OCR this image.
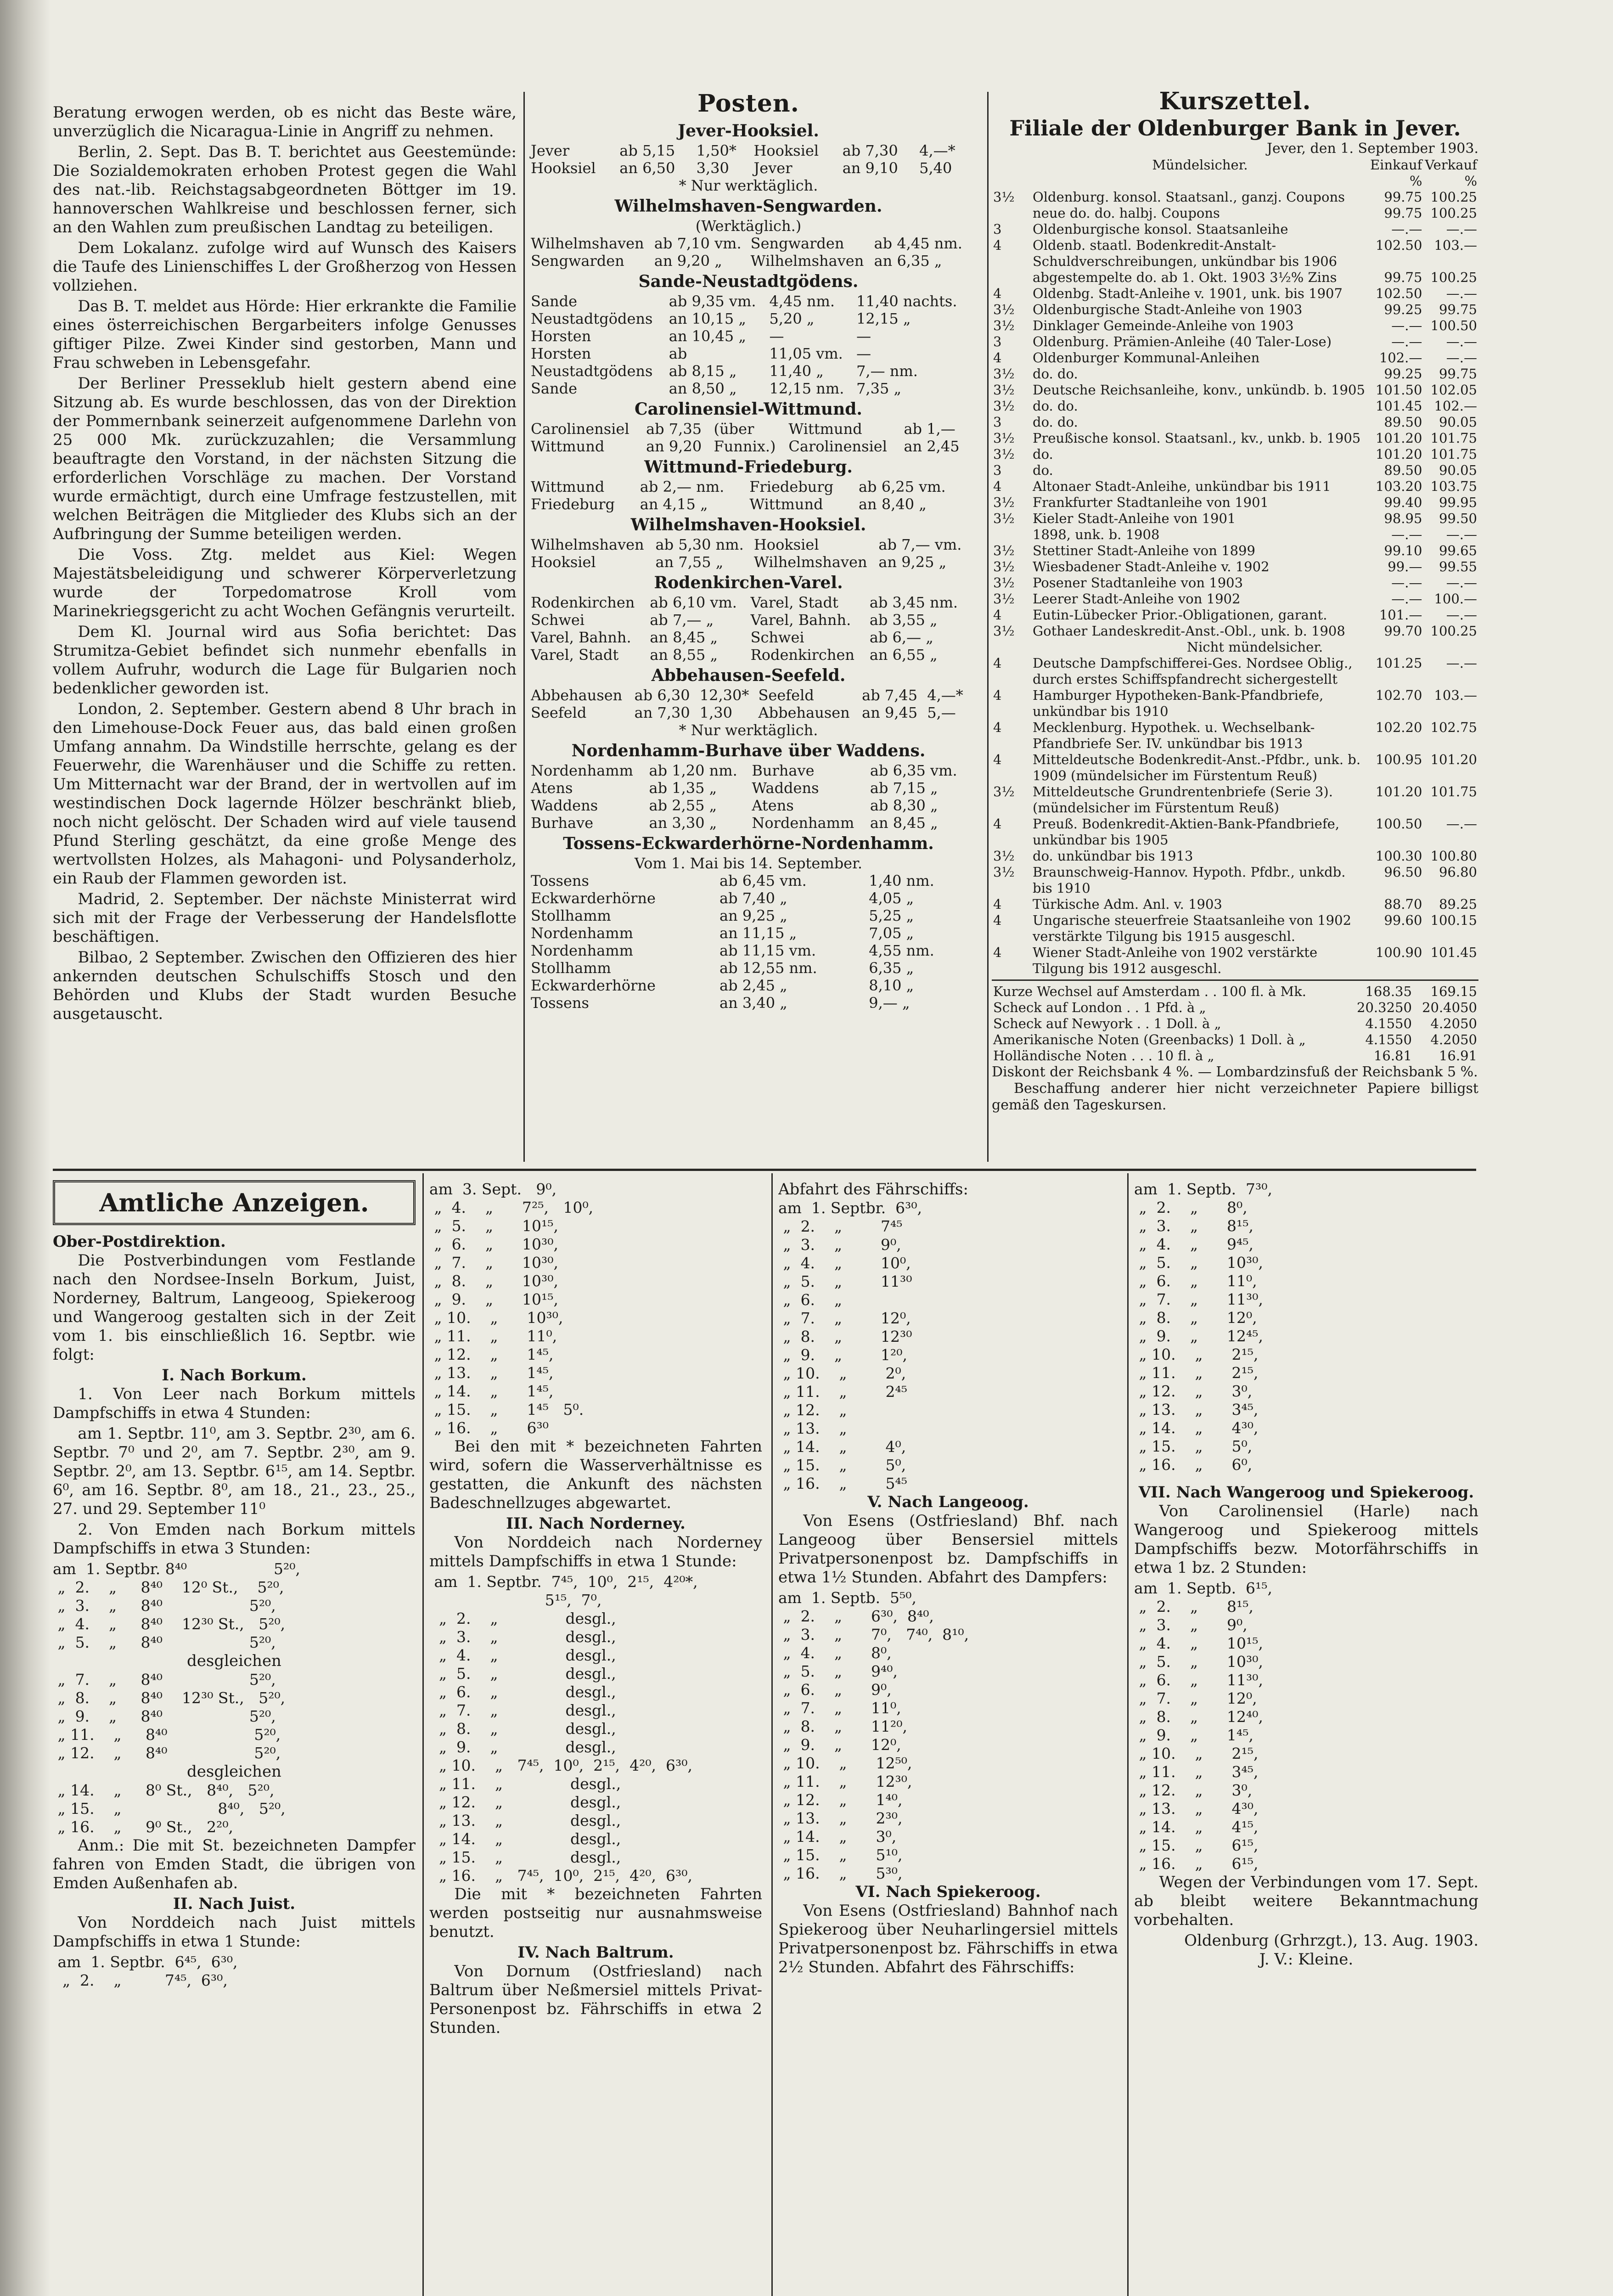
Beratung erwogen werden, ob es nicht das Beste wäre, unverzüglich die Nicaragua-Linie in Angriff zu nehmen.

Berlin, 2. Sept. Das B. T. berichtet aus Geestemünde: Die Sozialdemokraten erhoben Protest gegen die Wahl des nat.-lib. Reichstagsabgeordneten Böttger im 19. hannoverschen Wahlkreise und beschlossen ferner, sich an den Wahlen zum preußischen Landtag zu beteiligen.

Dem Lokalanz. zufolge wird auf Wunsch des Kaisers die Taufe des Linienschiffes L der Großherzog von Hessen vollziehen.

Das B. T. meldet aus Hörde: Hier erkrankte die Familie eines österreichischen Bergarbeiters infolge Genusses giftiger Pilze. Zwei Kinder sind gestorben, Mann und Frau schweben in Lebensgefahr.

Der Berliner Presseklub hielt gestern abend eine Sitzung ab. Es wurde beschlossen, das von der Direktion der Pommernbank seinerzeit aufgenommene Darlehn von 25 000 Mk. zurückzuzahlen; die Versammlung beauftragte den Vorstand, in der nächsten Sitzung die erforderlichen Vorschläge zu machen. Der Vorstand wurde ermächtigt, durch eine Umfrage festzustellen, mit welchen Beiträgen die Mitglieder des Klubs sich an der Aufbringung der Summe beteiligen werden.

Die Voss. Ztg. meldet aus Kiel: Wegen Majestätsbeleidigung und schwerer Körperverletzung wurde der Torpedomatrose Kroll vom Marinekriegsgericht zu acht Wochen Gefängnis verurteilt.

Dem Kl. Journal wird aus Sofia berichtet: Das Strumitza-Gebiet befindet sich nunmehr ebenfalls in vollem Aufruhr, wodurch die Lage für Bulgarien noch bedenklicher geworden ist.

London, 2. September. Gestern abend 8 Uhr brach in den Limehouse-Dock Feuer aus, das bald einen großen Umfang annahm. Da Windstille herrschte, gelang es der Feuerwehr, die Warenhäuser und die Schiffe zu retten. Um Mitternacht war der Brand, der in wertvollen auf im westindischen Dock lagernde Hölzer beschränkt blieb, noch nicht gelöscht. Der Schaden wird auf viele tausend Pfund Sterling geschätzt, da eine große Menge des wertvollsten Holzes, als Mahagoni- und Polysanderholz, ein Raub der Flammen geworden ist.

Madrid, 2. September. Der nächste Ministerrat wird sich mit der Frage der Verbesserung der Handelsflotte beschäftigen.

Bilbao, 2 September. Zwischen den Offizieren des hier ankernden deutschen Schulschiffs Stosch und den Behörden und Klubs der Stadt wurden Besuche ausgetauscht.

Posten.
Jever-Hooksiel.
Jever	ab 5,15	1,50*	Hooksiel	ab 7,30	4,—*
Hooksiel	an 6,50	3,30	Jever	an 9,10	5,40
* Nur werktäglich.
Wilhelmshaven-Sengwarden.
(Werktäglich.)
Wilhelmshaven	ab 7,10 vm.	Sengwarden	ab 4,45 nm.
Sengwarden	an 9,20 „	Wilhelmshaven	an 6,35 „
Sande-Neustadtgödens.
Sande	ab 9,35 vm.	4,45 nm.	11,40 nachts.
Neustadtgödens	an 10,15 „	5,20 „	12,15 „
Horsten	an 10,45 „	—	—
Horsten	ab	11,05 vm.	—
Neustadtgödens	ab 8,15 „	11,40 „	7,— nm.
Sande	an 8,50 „	12,15 nm.	7,35 „
Carolinensiel-Wittmund.
Carolinensiel	ab 7,35	(über	Wittmund	ab 1,—
Wittmund	an 9,20	Funnix.)	Carolinensiel	an 2,45
Wittmund-Friedeburg.
Wittmund	ab 2,— nm.	Friedeburg	ab 6,25 vm.
Friedeburg	an 4,15 „	Wittmund	an 8,40 „
Wilhelmshaven-Hooksiel.
Wilhelmshaven	ab 5,30 nm.	Hooksiel	ab 7,— vm.
Hooksiel	an 7,55 „	Wilhelmshaven	an 9,25 „
Rodenkirchen-Varel.
Rodenkirchen	ab 6,10 vm.	Varel, Stadt	ab 3,45 nm.
Schwei	ab 7,— „	Varel, Bahnh.	ab 3,55 „
Varel, Bahnh.	an 8,45 „	Schwei	ab 6,— „
Varel, Stadt	an 8,55 „	Rodenkirchen	an 6,55 „
Abbehausen-Seefeld.
Abbehausen	ab 6,30	12,30*	Seefeld	ab 7,45	4,—*
Seefeld	an 7,30	1,30	Abbehausen	an 9,45	5,—
* Nur werktäglich.
Nordenhamm-Burhave über Waddens.
Nordenhamm	ab 1,20 nm.	Burhave	ab 6,35 vm.
Atens	ab 1,35 „	Waddens	ab 7,15 „
Waddens	ab 2,55 „	Atens	ab 8,30 „
Burhave	an 3,30 „	Nordenhamm	an 8,45 „
Tossens-Eckwarderhörne-Nordenhamm.
Vom 1. Mai bis 14. September.
Tossens	ab 6,45 vm.	1,40 nm.
Eckwarderhörne	ab 7,40 „	4,05 „
Stollhamm	an 9,25 „	5,25 „
Nordenhamm	an 11,15 „	7,05 „
Nordenhamm	ab 11,15 vm.	4,55 nm.
Stollhamm	ab 12,55 nm.	6,35 „
Eckwarderhörne	ab 2,45 „	8,10 „
Tossens	an 3,40 „	9,— „
Kurszettel.
Filiale der Oldenburger Bank in Jever.
Jever, den 1. September 1903.
	Mündelsicher.	Einkauf	Verkauf
		%	%
3½	Oldenburg. konsol. Staatsanl., ganzj. Coupons	99.75	100.25
	neue do. do. halbj. Coupons	99.75	100.25
3	Oldenburgische konsol. Staatsanleihe	—.—	—.—
4	Oldenb. staatl. Bodenkredit-Anstalt-Schuldverschreibungen, unkündbar bis 1906	102.50	103.—
	abgestempelte do. ab 1. Okt. 1903 3½% Zins	99.75	100.25
4	Oldenbg. Stadt-Anleihe v. 1901, unk. bis 1907	102.50	—.—
3½	Oldenburgische Stadt-Anleihe von 1903	99.25	99.75
3½	Dinklager Gemeinde-Anleihe von 1903	—.—	100.50
3	Oldenburg. Prämien-Anleihe (40 Taler-Lose)	—.—	—.—
4	Oldenburger Kommunal-Anleihen	102.—	—.—
3½	do. do.	99.25	99.75
3½	Deutsche Reichsanleihe, konv., unkündb. b. 1905	101.50	102.05
3½	do. do.	101.45	102.—
3	do. do.	89.50	90.05
3½	Preußische konsol. Staatsanl., kv., unkb. b. 1905	101.20	101.75
3½	do.	101.20	101.75
3	do.	89.50	90.05
4	Altonaer Stadt-Anleihe, unkündbar bis 1911	103.20	103.75
3½	Frankfurter Stadtanleihe von 1901	99.40	99.95
3½	Kieler Stadt-Anleihe von 1901	98.95	99.50
	1898, unk. b. 1908	—.—	—.—
3½	Stettiner Stadt-Anleihe von 1899	99.10	99.65
3½	Wiesbadener Stadt-Anleihe v. 1902	99.—	99.55
3½	Posener Stadtanleihe von 1903	—.—	—.—
3½	Leerer Stadt-Anleihe von 1902	—.—	100.—
4	Eutin-Lübecker Prior.-Obligationen, garant.	101.—	—.—
3½	Gothaer Landeskredit-Anst.-Obl., unk. b. 1908	99.70	100.25
	Nicht mündelsicher.		
4	Deutsche Dampfschifferei-Ges. Nordsee Oblig., durch erstes Schiffspfandrecht sichergestellt	101.25	—.—
4	Hamburger Hypotheken-Bank-Pfandbriefe, unkündbar bis 1910	102.70	103.—
4	Mecklenburg. Hypothek. u. Wechselbank-Pfandbriefe Ser. IV. unkündbar bis 1913	102.20	102.75
4	Mitteldeutsche Bodenkredit-Anst.-Pfdbr., unk. b. 1909 (mündelsicher im Fürstentum Reuß)	100.95	101.20
3½	Mitteldeutsche Grundrentenbriefe (Serie 3). (mündelsicher im Fürstentum Reuß)	101.20	101.75
4	Preuß. Bodenkredit-Aktien-Bank-Pfandbriefe, unkündbar bis 1905	100.50	—.—
3½	do. unkündbar bis 1913	100.30	100.80
3½	Braunschweig-Hannov. Hypoth. Pfdbr., unkdb. bis 1910	96.50	96.80
4	Türkische Adm. Anl. v. 1903	88.70	89.25
4	Ungarische steuerfreie Staatsanleihe von 1902 verstärkte Tilgung bis 1915 ausgeschl.	99.60	100.15
4	Wiener Stadt-Anleihe von 1902 verstärkte Tilgung bis 1912 ausgeschl.	100.90	101.45
Kurze Wechsel auf Amsterdam . . 100 fl. à Mk.	168.35	169.15
Scheck auf London . . 1 Pfd. à „	20.3250	20.4050
Scheck auf Newyork . . 1 Doll. à „	4.1550	4.2050
Amerikanische Noten (Greenbacks) 1 Doll. à „	4.1550	4.2050
Holländische Noten . . . 10 fl. à „	16.81	16.91
Diskont der Reichsbank 4 %. — Lombardzinsfuß der Reichsbank 5 %.
Beschaffung anderer hier nicht verzeichneter Papiere billigst gemäß den Tageskursen.
Amtliche Anzeigen.
Ober-Postdirektion.

Die Postverbindungen vom Festlande nach den Nordsee-Inseln Borkum, Juist, Norderney, Baltrum, Langeoog, Spiekeroog und Wangeroog gestalten sich in der Zeit vom 1. bis einschließlich 16. Septbr. wie folgt:

I. Nach Borkum.

1. Von Leer nach Borkum mittels Dampfschiffs in etwa 4 Stunden:

am 1. Septbr. 11⁰, am 3. Septbr. 2³⁰, am 6. Septbr. 7⁰ und 2⁰, am 7. Septbr. 2³⁰, am 9. Septbr. 2⁰, am 13. Septbr. 6¹⁵, am 14. Septbr. 6⁰, am 16. Septbr. 8⁰, am 18., 21., 23., 25., 27. und 29. September 11⁰

2. Von Emden nach Borkum mittels Dampfschiffs in etwa 3 Stunden:

am  1. Septbr. 8⁴⁰                  5²⁰,
„  2.    „     8⁴⁰    12⁰ St.,    5²⁰,
„  3.    „     8⁴⁰                  5²⁰,
„  4.    „     8⁴⁰    12³⁰ St.,   5²⁰,
„  5.    „     8⁴⁰                  5²⁰,
desgleichen
„  7.    „     8⁴⁰                  5²⁰,
„  8.    „     8⁴⁰    12³⁰ St.,   5²⁰,
„  9.    „     8⁴⁰                  5²⁰,
„ 11.    „     8⁴⁰                  5²⁰,
„ 12.    „     8⁴⁰                  5²⁰,
desgleichen
„ 14.    „     8⁰ St.,   8⁴⁰,   5²⁰,
„ 15.    „                    8⁴⁰,   5²⁰,
„ 16.    „     9⁰ St.,   2²⁰,

Anm.: Die mit St. bezeichneten Dampfer fahren von Emden Stadt, die übrigen von Emden Außenhafen ab.

II. Nach Juist.

Von Norddeich nach Juist mittels Dampfschiffs in etwa 1 Stunde:

am  1. Septbr.  6⁴⁵,  6³⁰,
„  2.    „         7⁴⁵,  6³⁰,
am  3. Sept.   9⁰,
„  4.    „      7²⁵,   10⁰,
„  5.    „      10¹⁵,
„  6.    „      10³⁰,
„  7.    „      10³⁰,
„  8.    „      10³⁰,
„  9.    „      10¹⁵,
„ 10.    „      10³⁰,
„ 11.    „      11⁰,
„ 12.    „      1⁴⁵,
„ 13.    „      1⁴⁵,
„ 14.    „      1⁴⁵,
„ 15.    „      1⁴⁵   5⁰.
„ 16.    „      6³⁰

Bei den mit * bezeichneten Fahrten wird, sofern die Wasserverhältnisse es gestatten, die Ankunft des nächsten Badeschnellzuges abgewartet.

III. Nach Norderney.

Von Norddeich nach Norderney mittels Dampfschiffs in etwa 1 Stunde:

am  1. Septbr.  7⁴⁵,  10⁰,  2¹⁵,  4²⁰*,
5¹⁵,  7⁰,
„  2.    „              desgl.,
„  3.    „              desgl.,
„  4.    „              desgl.,
„  5.    „              desgl.,
„  6.    „              desgl.,
„  7.    „              desgl.,
„  8.    „              desgl.,
„  9.    „              desgl.,
„ 10.    „   7⁴⁵,  10⁰,  2¹⁵,  4²⁰,  6³⁰,
„ 11.    „              desgl.,
„ 12.    „              desgl.,
„ 13.    „              desgl.,
„ 14.    „              desgl.,
„ 15.    „              desgl.,
„ 16.    „   7⁴⁵,  10⁰,  2¹⁵,  4²⁰,  6³⁰,

Die mit * bezeichneten Fahrten werden postseitig nur ausnahmsweise benutzt.

IV. Nach Baltrum.

Von Dornum (Ostfriesland) nach Baltrum über Neßmersiel mittels Privat-Personenpost bz. Fährschiffs in etwa 2 Stunden.

Abfahrt des Fährschiffs:
am  1. Septbr.  6³⁰,
„  2.    „        7⁴⁵
„  3.    „        9⁰,
„  4.    „        10⁰,
„  5.    „        11³⁰
„  6.    „
„  7.    „        12⁰,
„  8.    „        12³⁰
„  9.    „        1²⁰,
„ 10.    „        2⁰,
„ 11.    „        2⁴⁵
„ 12.    „
„ 13.    „
„ 14.    „        4⁰,
„ 15.    „        5⁰,
„ 16.    „        5⁴⁵
V. Nach Langeoog.

Von Esens (Ostfriesland) Bhf. nach Langeoog über Bensersiel mittels Privatpersonenpost bz. Dampfschiffs in etwa 1½ Stunden. Abfahrt des Dampfers:

am  1. Septb.  5⁵⁰,
„  2.    „      6³⁰,  8⁴⁰,
„  3.    „      7⁰,   7⁴⁰,  8¹⁰,
„  4.    „      8⁰,
„  5.    „      9⁴⁰,
„  6.    „      9⁰,
„  7.    „      11⁰,
„  8.    „      11²⁰,
„  9.    „      12⁰,
„ 10.    „      12⁵⁰,
„ 11.    „      12³⁰,
„ 12.    „      1⁴⁰,
„ 13.    „      2³⁰,
„ 14.    „      3⁰,
„ 15.    „      5¹⁰,
„ 16.    „      5³⁰,
VI. Nach Spiekeroog.

Von Esens (Ostfriesland) Bahnhof nach Spiekeroog über Neuharlingersiel mittels Privatpersonenpost bz. Fährschiffs in etwa 2½ Stunden. Abfahrt des Fährschiffs:

am  1. Septb.  7³⁰,
„  2.    „      8⁰,
„  3.    „      8¹⁵,
„  4.    „      9⁴⁵,
„  5.    „      10³⁰,
„  6.    „      11⁰,
„  7.    „      11³⁰,
„  8.    „      12⁰,
„  9.    „      12⁴⁵,
„ 10.    „      2¹⁵,
„ 11.    „      2¹⁵,
„ 12.    „      3⁰,
„ 13.    „      3⁴⁵,
„ 14.    „      4³⁰,
„ 15.    „      5⁰,
„ 16.    „      6⁰,
VII. Nach Wangeroog und Spiekeroog.

Von Carolinensiel (Harle) nach Wangeroog und Spiekeroog mittels Dampfschiffs bezw. Motorfährschiffs in etwa 1 bz. 2 Stunden:

am  1. Septb.  6¹⁵,
„  2.    „      8¹⁵,
„  3.    „      9⁰,
„  4.    „      10¹⁵,
„  5.    „      10³⁰,
„  6.    „      11³⁰,
„  7.    „      12⁰,
„  8.    „      12⁴⁰,
„  9.    „      1⁴⁵,
„ 10.    „      2¹⁵,
„ 11.    „      3⁴⁵,
„ 12.    „      3⁰,
„ 13.    „      4³⁰,
„ 14.    „      4¹⁵,
„ 15.    „      6¹⁵,
„ 16.    „      6¹⁵,

Wegen der Verbindungen vom 17. Sept. ab bleibt weitere Bekanntmachung vorbehalten.

Oldenburg (Grhrzgt.), 13. Aug. 1903.
J. V.: Kleine.
